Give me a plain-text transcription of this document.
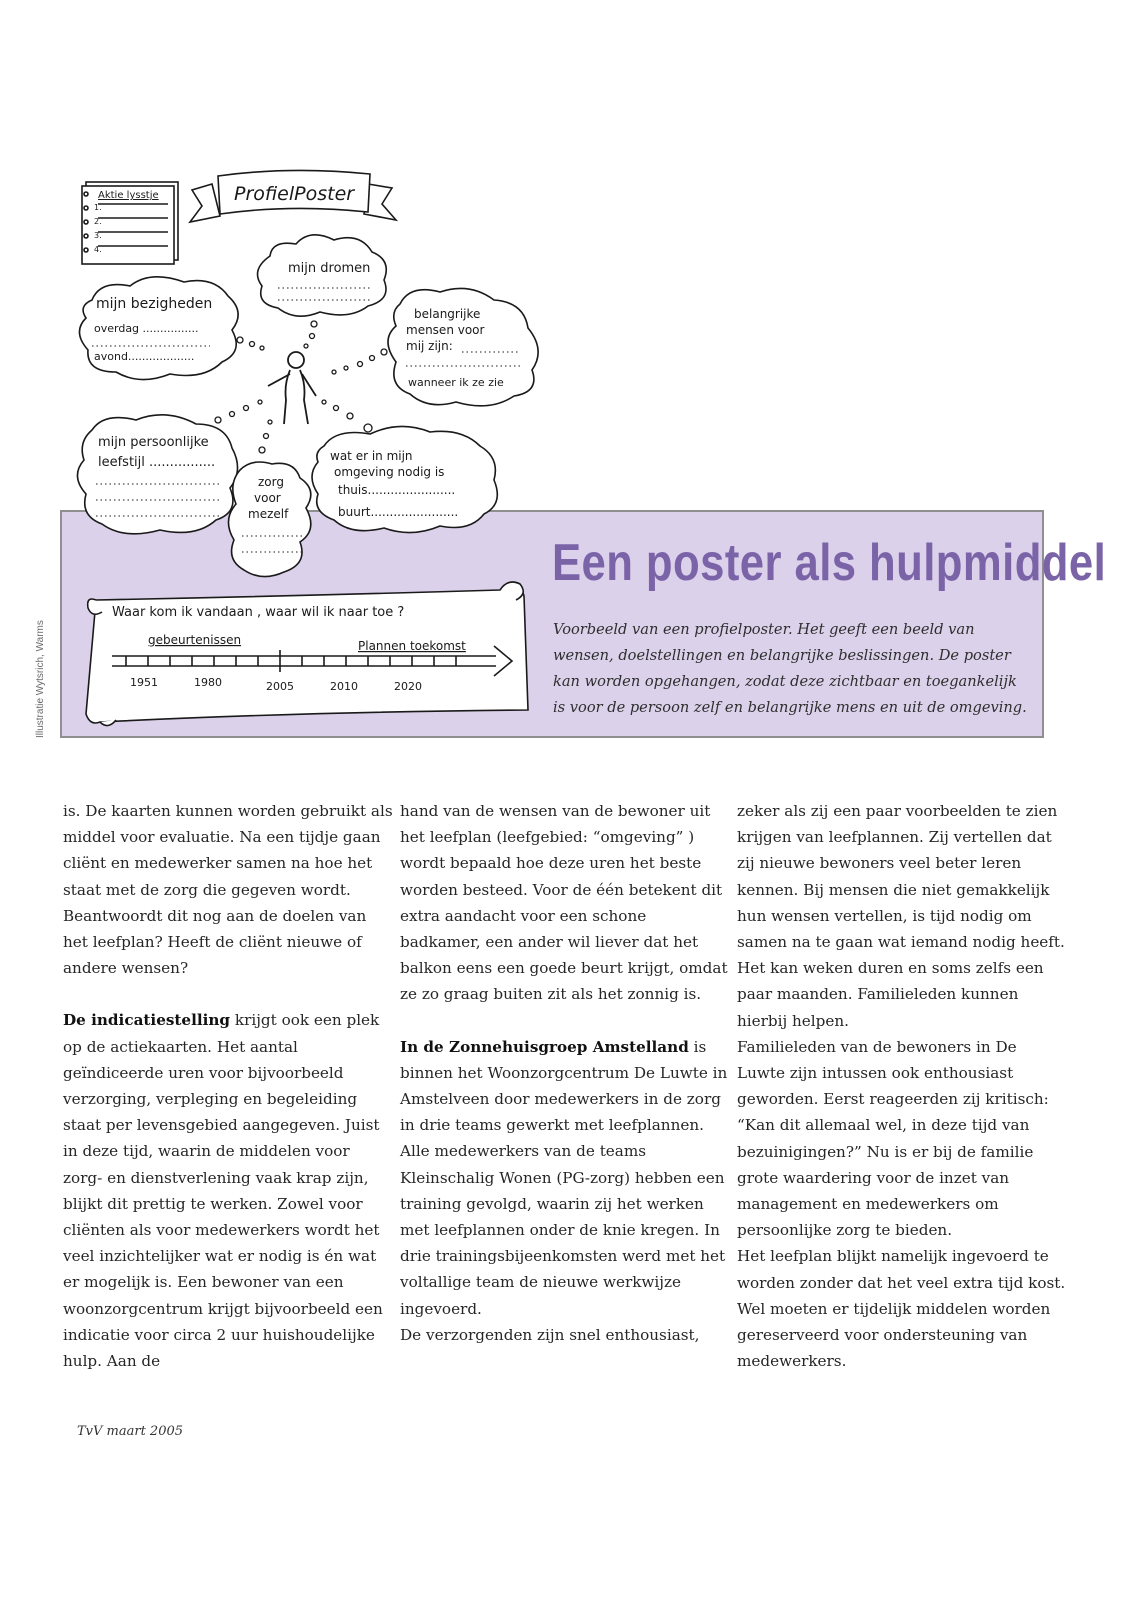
Aktie lysstje
1.
2.
3.
4.
ProfielPoster
mijn dromen
mijn bezigheden
overdag ................
avond...................
belangrijke
mensen voor
mij zijn:
wanneer ik ze zie
mijn persoonlijke
leefstijl ................
zorg
voor
mezelf
wat er in mijn
omgeving nodig is
thuis.......................
buurt.......................
Waar kom ik vandaan , waar wil ik naar toe ?
gebeurtenissen	Plannen toekomst
1951	1980	2005	2010	2020
Illustratie Wytsrich, Warms
Een poster als hulpmiddel
Voorbeeld van een profielposter. Het geeft een beeld van wensen, doelstellingen en belangrijke beslissingen. De poster kan worden opgehangen, zodat deze zichtbaar en toegankelijk is voor de persoon zelf en belangrijke mens en uit de omgeving.

is. De kaarten kunnen worden gebruikt als middel voor evaluatie. Na een tijdje gaan cliënt en medewerker samen na hoe het staat met de zorg die gegeven wordt. Beantwoordt dit nog aan de doelen van het leefplan? Heeft de cliënt nieuwe of andere wensen?

De indicatiestelling krijgt ook een plek op de actiekaarten. Het aantal geïndiceerde uren voor bijvoorbeeld verzorging, verpleging en begeleiding staat per levensgebied aangegeven. Juist in deze tijd, waarin de middelen voor zorg- en dienstverlening vaak krap zijn, blijkt dit prettig te werken. Zowel voor cliënten als voor medewerkers wordt het veel inzichtelijker wat er nodig is én wat er mogelijk is. Een bewoner van een woonzorgcentrum krijgt bijvoorbeeld een indicatie voor circa 2 uur huishoudelijke hulp. Aan de

hand van de wensen van de bewoner uit het leefplan (leefgebied: “omgeving” ) wordt bepaald hoe deze uren het beste worden besteed. Voor de één betekent dit extra aandacht voor een schone badkamer, een ander wil liever dat het balkon eens een goede beurt krijgt, omdat ze zo graag buiten zit als het zonnig is.

In de Zonnehuisgroep Amstelland is binnen het Woonzorgcentrum De Luwte in Amstelveen door medewerkers in de zorg in drie teams gewerkt met leefplannen. Alle medewerkers van de teams Kleinschalig Wonen (PG-zorg) hebben een training gevolgd, waarin zij het werken met leefplannen onder de knie kregen. In drie trainingsbijeenkomsten werd met het voltallige team de nieuwe werkwijze ingevoerd.

De verzorgenden zijn snel enthousiast,

zeker als zij een paar voorbeelden te zien krijgen van leefplannen. Zij vertellen dat zij nieuwe bewoners veel beter leren kennen. Bij mensen die niet gemakkelijk hun wensen vertellen, is tijd nodig om samen na te gaan wat iemand nodig heeft. Het kan weken duren en soms zelfs een paar maanden. Familieleden kunnen hierbij helpen.

Familieleden van de bewoners in De Luwte zijn intussen ook enthousiast geworden. Eerst reageerden zij kritisch: “Kan dit allemaal wel, in deze tijd van bezuinigingen?” Nu is er bij de familie grote waardering voor de inzet van management en medewerkers om persoonlijke zorg te bieden.

Het leefplan blijkt namelijk ingevoerd te worden zonder dat het veel extra tijd kost. Wel moeten er tijdelijk middelen worden gereserveerd voor ondersteuning van medewerkers.

TvV maart 2005
